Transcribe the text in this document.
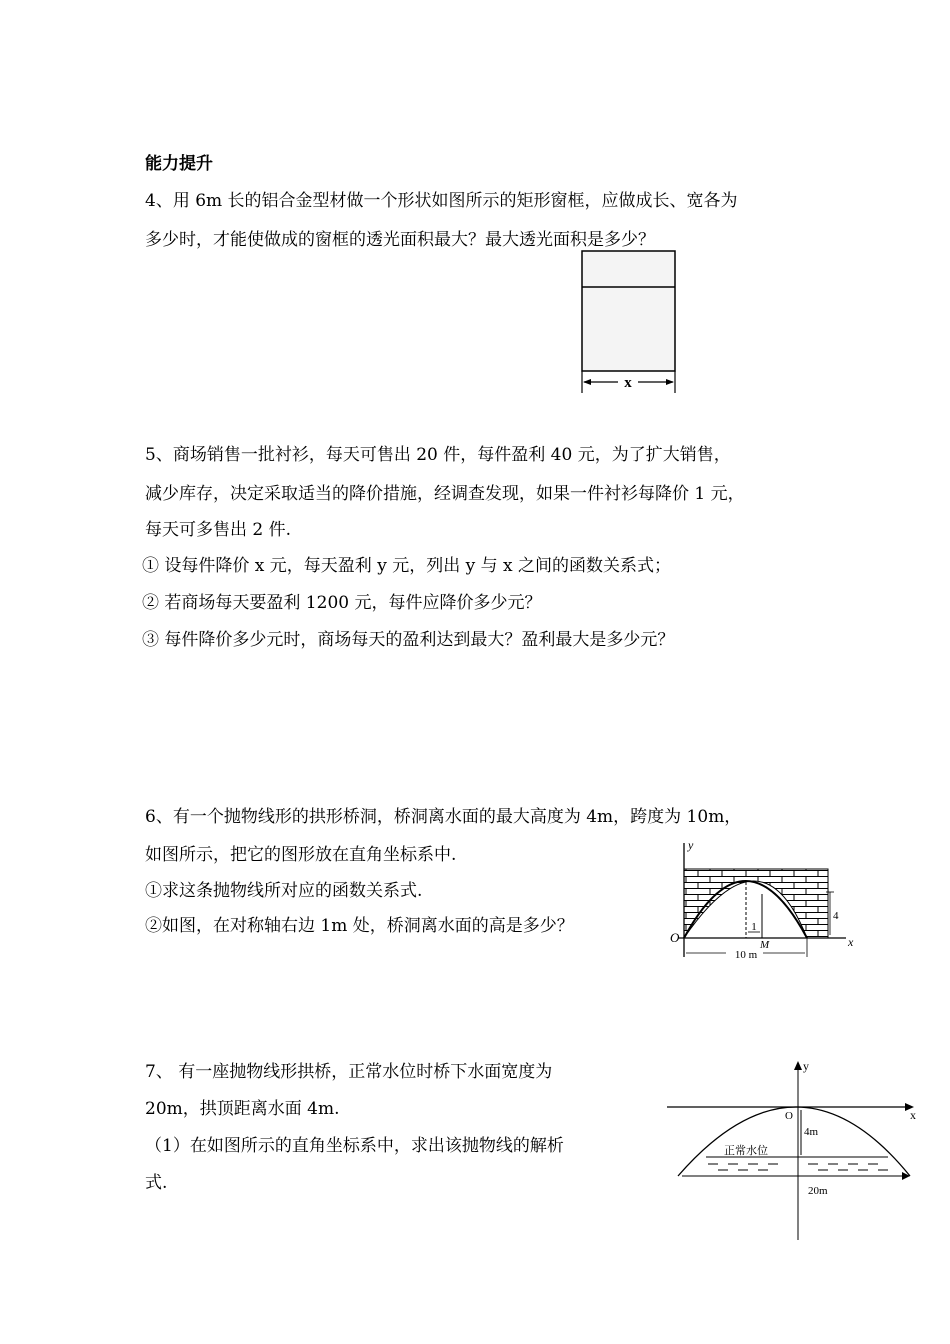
能力提升
4、用 6m 长的铝合金型材做一个形状如图所示的矩形窗框，应做成长、宽各为
多少时，才能使做成的窗框的透光面积最大？最大透光面积是多少？
x
5、商场销售一批衬衫，每天可售出 20 件，每件盈利 40 元，为了扩大销售，
减少库存，决定采取适当的降价措施，经调查发现，如果一件衬衫每降价 1 元，
每天可多售出 2 件.
① 设每件降价 x 元，每天盈利 y 元，列出 y 与 x 之间的函数关系式；
② 若商场每天要盈利 1200 元，每件应降价多少元？
③ 每件降价多少元时，商场每天的盈利达到最大？盈利最大是多少元？
6、有一个抛物线形的拱形桥洞，桥洞离水面的最大高度为 4m，跨度为 10m，
如图所示，把它的图形放在直角坐标系中.
①求这条抛物线所对应的函数关系式.
②如图，在对称轴右边 1m 处，桥洞离水面的高是多少？	1
4
10 m
y
x
O	M
7、 有一座抛物线形拱桥，正常水位时桥下水面宽度为
20m，拱顶距离水面 4m.
（1）在如图所示的直角坐标系中，求出该抛物线的解析
式.
4m
正常水位
20m
O
y
x
